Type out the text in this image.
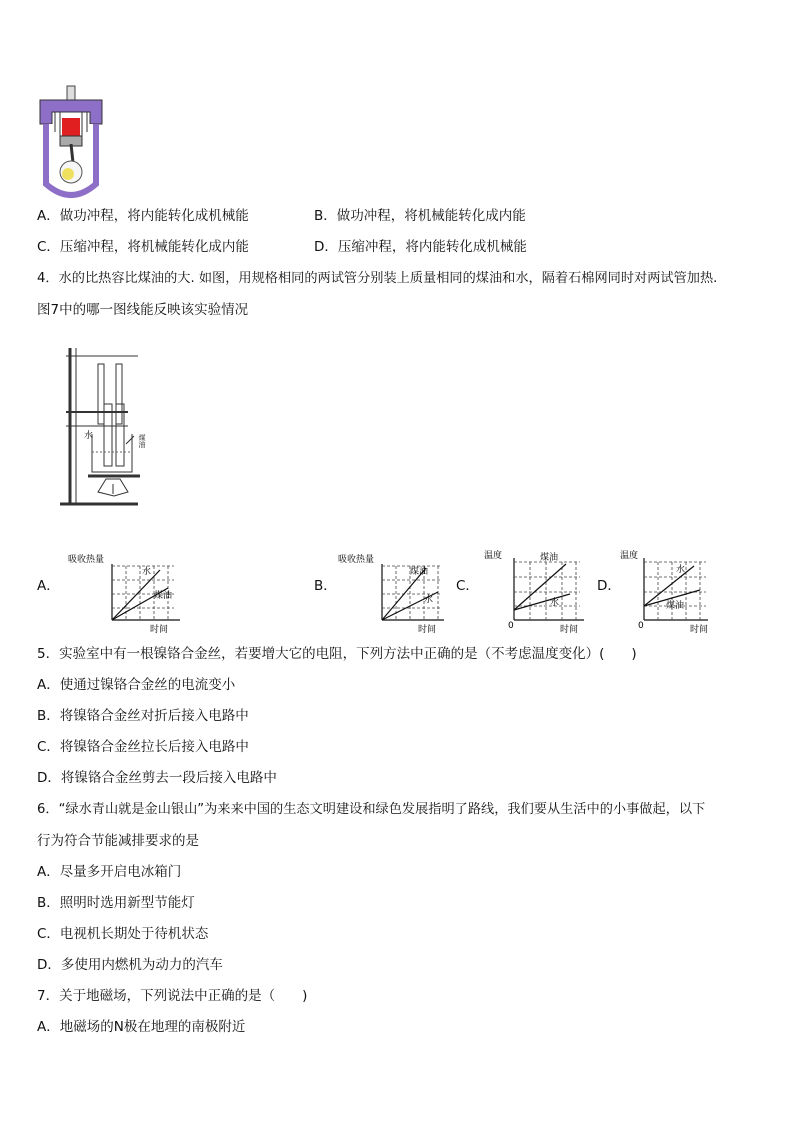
A．做功冲程，将内能转化成机械能	B．做功冲程，将机械能转化成内能
C．压缩冲程，将机械能转化成内能	D．压缩冲程，将内能转化成机械能
4．水的比热容比煤油的大. 如图，用规格相同的两试管分别装上质量相同的煤油和水，隔着石棉网同时对两试管加热.
图7中的哪一图线能反映该实验情况
水	煤油
A．
吸收热量
水
煤油
时间
B．
吸收热量
煤油
水
时间
C．
温度	煤油
水
0	时间
D．
温度
水
煤油
0	时间
5．实验室中有一根镍铬合金丝，若要增大它的电阻，下列方法中正确的是（不考虑温度变化）(　　)
A．使通过镍铬合金丝的电流变小
B．将镍铬合金丝对折后接入电路中
C．将镍铬合金丝拉长后接入电路中
D．将镍铬合金丝剪去一段后接入电路中
6．“绿水青山就是金山银山”为来来中国的生态文明建设和绿色发展指明了路线，我们要从生活中的小事做起，以下
行为符合节能减排要求的是
A．尽量多开启电冰箱门
B．照明时选用新型节能灯
C．电视机长期处于待机状态
D．多使用内燃机为动力的汽车
7．关于地磁场，下列说法中正确的是（　　)
A．地磁场的N极在地理的南极附近
